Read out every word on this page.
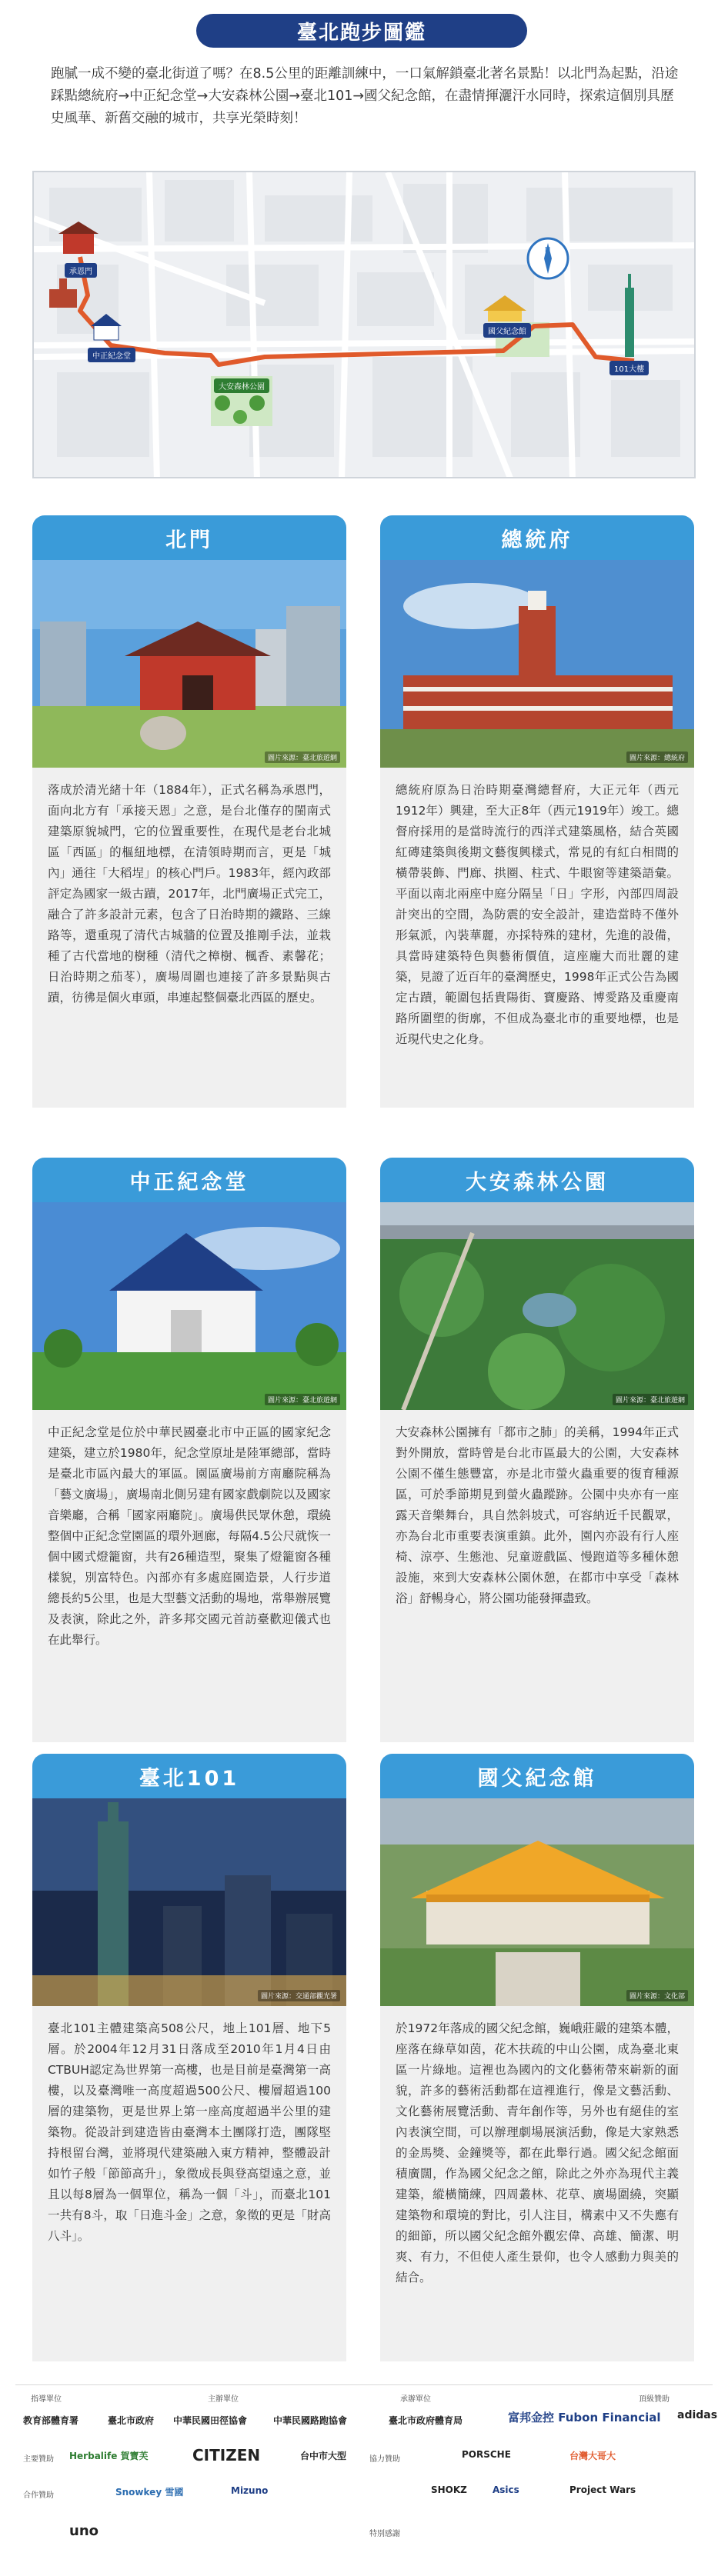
臺北跑步圖鑑

跑膩一成不變的臺北街道了嗎？在8.5公里的距離訓練中，一口氣解鎖臺北著名景點！以北門為起點，沿途踩點總統府→中正紀念堂→大安森林公園→臺北101→國父紀念館，在盡情揮灑汗水同時，探索這個別具歷史風華、新舊交融的城市，共享光榮時刻！

N
承恩門
中正紀念堂
大安森林公園
國父紀念館
101大樓
北門
圖片來源：臺北旅遊網
落成於清光緒十年（1884年），正式名稱為承恩門，面向北方有「承接天恩」之意，是台北僅存的閩南式建築原貌城門，它的位置重要性，在現代是老台北城區「西區」的樞紐地標，在清領時期而言，更是「城內」通往「大稻埕」的核心門戶。1983年，經內政部評定為國家一級古蹟，2017年，北門廣場正式完工，融合了許多設計元素，包含了日治時期的鐵路、三線路等，還重現了清代古城牆的位置及推剛手法，並栽種了古代當地的樹種（清代之樟樹、楓香、素馨花；日治時期之茄苳），廣場周圍也連接了許多景點與古蹟，彷彿是個火車頭，串連起整個臺北西區的歷史。
總統府
圖片來源：總統府
總統府原為日治時期臺灣總督府，大正元年（西元1912年）興建，至大正8年（西元1919年）竣工。總督府採用的是當時流行的西洋式建築風格，結合英國紅磚建築與後期文藝復興樣式，常見的有紅白相間的橫帶裝飾、門廊、拱圈、柱式、牛眼窗等建築語彙。平面以南北兩座中庭分隔呈「日」字形，內部四周設計突出的空間，為防震的安全設計，建造當時不僅外形氣派，內裝華麗，亦採特殊的建材，先進的設備，具當時建築特色與藝術價值，這座龐大而壯麗的建築，見證了近百年的臺灣歷史，1998年正式公告為國定古蹟，範圍包括貴陽街、寶慶路、博愛路及重慶南路所圍塑的街廓，不但成為臺北市的重要地標，也是近現代史之化身。
中正紀念堂
圖片來源：臺北旅遊網
中正紀念堂是位於中華民國臺北市中正區的國家紀念建築，建立於1980年，紀念堂原址是陸軍總部，當時是臺北市區內最大的軍區。園區廣場前方南廳院稱為「藝文廣場」，廣場南北側另建有國家戲劇院以及國家音樂廳，合稱「國家兩廳院」。廣場供民眾休憩，環繞整個中正紀念堂園區的環外迴廊，每隔4.5公尺就恢一個中國式燈籠窗，共有26種造型，聚集了燈籠窗各種樣貌，別富特色。內部亦有多處庭園造景，人行步道總長約5公里，也是大型藝文活動的場地，常舉辦展覽及表演，除此之外，許多邦交國元首訪臺歡迎儀式也在此舉行。
大安森林公園
圖片來源：臺北旅遊網
大安森林公園擁有「都市之肺」的美稱，1994年正式對外開放，當時曾是台北市區最大的公園，大安森林公園不僅生態豐富，亦是北市螢火蟲重要的復育種源區，可於季節期見到螢火蟲蹤跡。公園中央亦有一座露天音樂舞台，具自然斜坡式，可容納近千民觀眾，亦為台北市重要表演重鎮。此外，園內亦設有行人座椅、涼亭、生態池、兒童遊戲區、慢跑道等多種休憩設施，來到大安森林公園休憩，在都市中享受「森林浴」舒暢身心，將公園功能發揮盡致。
臺北101
圖片來源：交通部觀光署
臺北101主體建築高508公尺，地上101層、地下5層。於2004年12月31日落成至2010年1月4日由CTBUH認定為世界第一高樓，也是目前是臺灣第一高樓，以及臺灣唯一高度超過500公尺、樓層超過100層的建築物，更是世界上第一座高度超過半公里的建築物。從設計到建造皆由臺灣本土團隊打造，團隊堅持根留台灣，並將現代建築融入東方精神，整體設計如竹子般「節節高升」，象徵成長與登高望遠之意，並且以每8層為一個單位，稱為一個「斗」，而臺北101一共有8斗，取「日進斗金」之意，象徵的更是「財高八斗」。
國父紀念館
圖片來源：文化部
於1972年落成的國父紀念館，巍峨莊嚴的建築本體，座落在綠草如茵，花木扶疏的中山公園，成為臺北東區一片綠地。這裡也為國內的文化藝術帶來嶄新的面貌，許多的藝術活動都在這裡進行，像是文藝活動、文化藝術展覽活動、青年創作等，另外也有絕佳的室內表演空間，可以辦理劇場展演活動，像是大家熟悉的金馬獎、金鐘獎等，都在此舉行過。國父紀念館面積廣闊，作為國父紀念之館，除此之外亦為現代主義建築，縱橫簡練，四周叢林、花草、廣場圍繞，突顯建築物和環境的對比，引人注目，構素中又不失應有的細節，所以國父紀念館外觀宏偉、高雄、簡潔、明爽、有力，不但使人產生景仰，也令人感動力與美的結合。
指導單位	主辦單位	承辦單位	頂級贊助
教育部體育署	臺北市政府 中華民國田徑協會	中華民國路跑協會	臺北市政府體育局	富邦金控 Fubon Financial
主要贊助 Herbalife 賀寶芙	CITIZEN	台中市大型	協力贊助	台灣大哥大
PORSCHE
SHOKZ	Asics	Project Wars
合作贊助
uno
Snowkey 雪國	Mizuno
adidas
特別感謝
